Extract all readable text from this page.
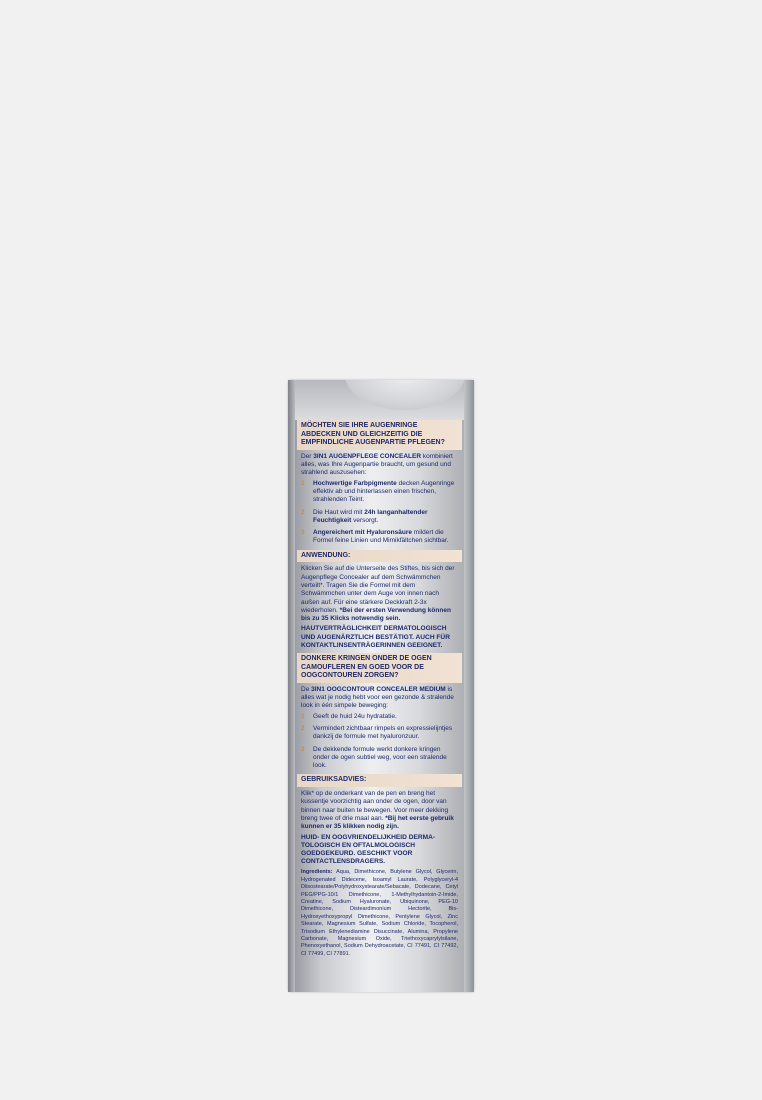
MÖCHTEN SIE IHRE AUGENRINGE ABDECKEN UND GLEICHZEITIG DIE EMPFINDLICHE AUGENPARTIE PFLEGEN?
Der 3IN1 AUGENPFLEGE CONCEALER kombiniert alles, was Ihre Augenpartie braucht, um gesund und strahlend auszusehen:
1	Hochwertige Farbpigmente decken Augenringe effektiv ab und hinterlassen einen frischen, strahlenden Teint.
2	Die Haut wird mit 24h langanhaltender Feuchtigkeit versorgt.
3	Angereichert mit Hyaluronsäure mildert die Formel feine Linien und Mimikfältchen sichtbar.
ANWENDUNG:
Klicken Sie auf die Unterseite des Stiftes, bis sich der Augenpflege Concealer auf dem Schwämmchen verteilt*. Tragen Sie die Formel mit dem Schwämmchen unter dem Auge von innen nach außen auf. Für eine stärkere Deckkraft 2-3x wiederholen. *Bei der ersten Verwendung können bis zu 35 Klicks notwendig sein.
HAUTVERTRÄGLICHKEIT DERMATOLOGISCH UND AUGENÄRZTLICH BESTÄTIGT. AUCH FÜR KONTAKTLINSENTRÄGERINNEN GEEIGNET.
DONKERE KRINGEN ONDER DE OGEN CAMOUFLEREN EN GOED VOOR DE OOGCONTOUREN ZORGEN?
De 3IN1 OOGCONTOUR CONCEALER MEDIUM is alles wat je nodig hebt voor een gezonde & stralende look in één simpele beweging:
1	Geeft de huid 24u hydratatie.
2	Vermindert zichtbaar rimpels en expressielijntjes dankzij de formule met hyaluronzuur.
3	De dekkende formule werkt donkere kringen onder de ogen subtiel weg, voor een stralende look.
GEBRUIKSADVIES:
Klik* op de onderkant van de pen en breng het kussentje voorzichtig aan onder de ogen, door van binnen naar buiten te bewegen. Voor meer dekking breng twee of drie maal aan. *Bij het eerste gebruik kunnen er 35 klikken nodig zijn.
HUID- EN OOGVRIENDELIJKHEID DERMATOLOGISCH EN OFTALMOLOGISCH GOEDGEKEURD. GESCHIKT VOOR CONTACTLENSDRAGERS.
Ingredients: Aqua, Dimethicone, Butylene Glycol, Glycerin, Hydrogenated Didecene, Isoamyl Laurate, Polyglyceryl-4 Diisostearate/Polyhydroxystearate/Sebacate, Dodecane, Cetyl PEG/PPG-10/1 Dimethicone, 1-Methylhydantoin-2-Imide, Creatine, Sodium Hyaluronate, Ubiquinone, PEG-10 Dimethicone, Disteardimonium Hectorite, Bis-Hydroxyethoxypropyl Dimethicone, Pentylene Glycol, Zinc Stearate, Magnesium Sulfate, Sodium Chloride, Tocopherol, Trisodium Ethylenediamine Disuccinate, Alumina, Propylene Carbonate, Magnesium Oxide, Triethoxycaprylylsilane, Phenoxyethanol, Sodium Dehydroacetate, CI 77491, CI 77492, CI 77499, CI 77891.
